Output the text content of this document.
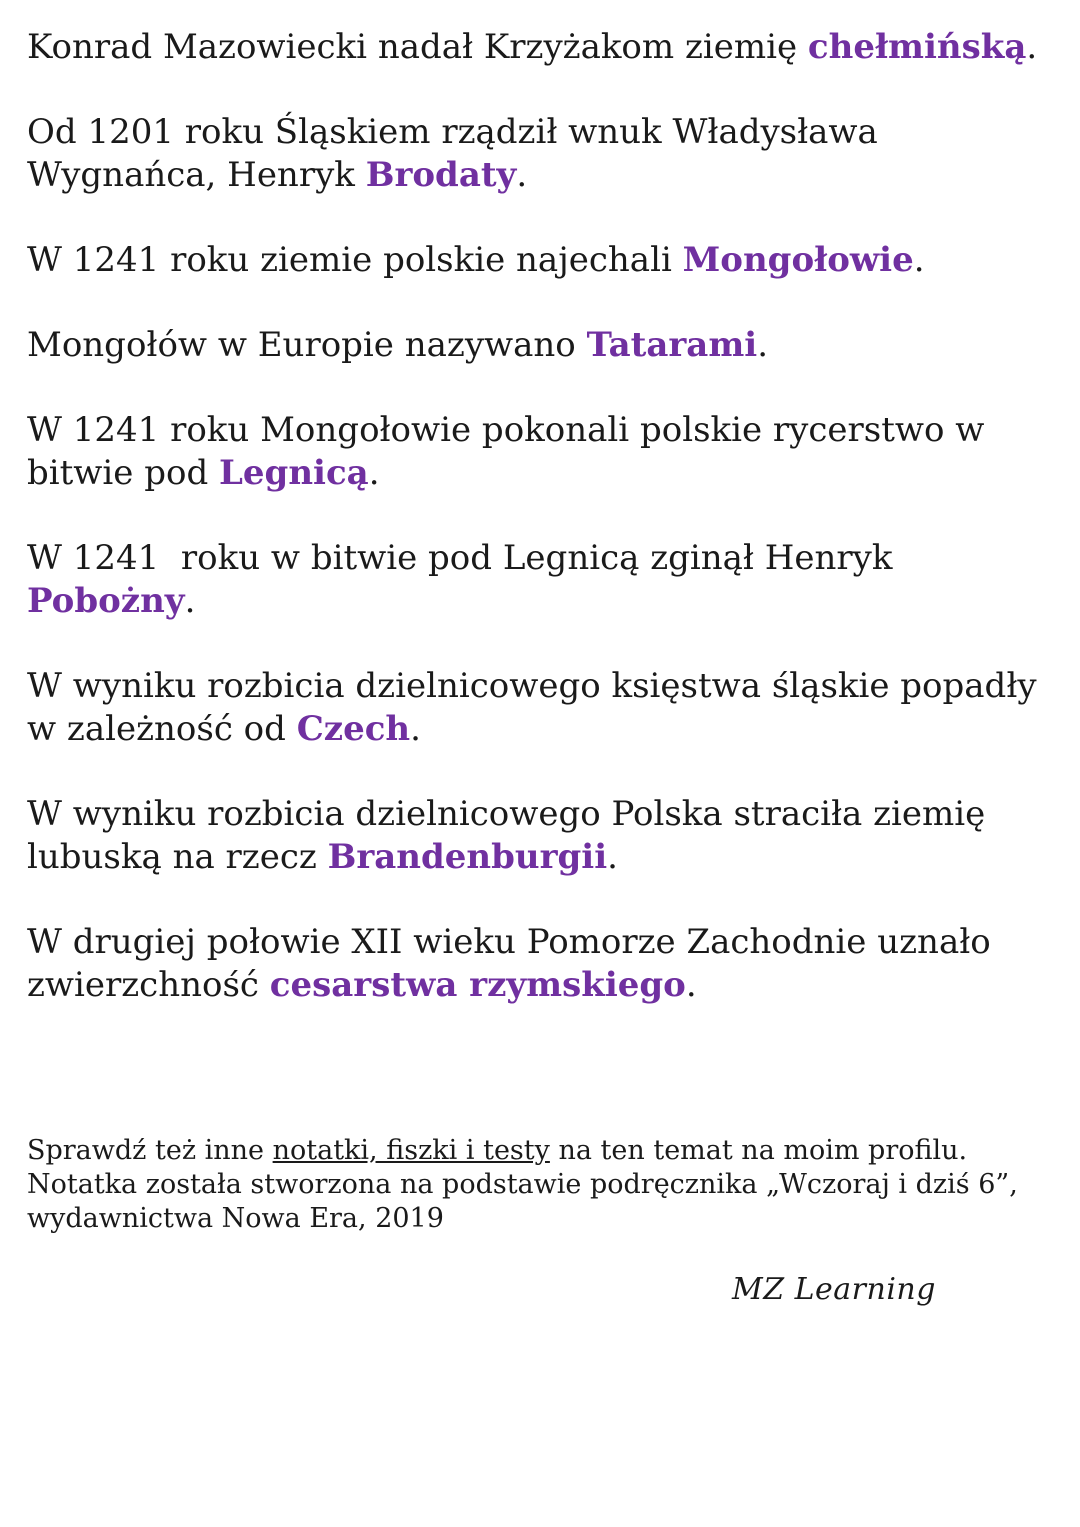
Konrad Mazowiecki nadał Krzyżakom ziemię chełmińską.

Od 1201 roku Śląskiem rządził wnuk Władysława Wygnańca, Henryk Brodaty.

W 1241 roku ziemie polskie najechali Mongołowie.

Mongołów w Europie nazywano Tatarami.

W 1241 roku Mongołowie pokonali polskie rycerstwo w bitwie pod Legnicą.

W 1241  roku w bitwie pod Legnicą zginął Henryk Pobożny.

W wyniku rozbicia dzielnicowego księstwa śląskie popadły w zależność od Czech.

W wyniku rozbicia dzielnicowego Polska straciła ziemię lubuską na rzecz Brandenburgii.

W drugiej połowie XII wieku Pomorze Zachodnie uznało zwierzchność cesarstwa rzymskiego.

Sprawdź też inne notatki, fiszki i testy na ten temat na moim profilu.
Notatka została stworzona na podstawie podręcznika „Wczoraj i dziś 6”, wydawnictwa Nowa Era, 2019
MZ Learning
